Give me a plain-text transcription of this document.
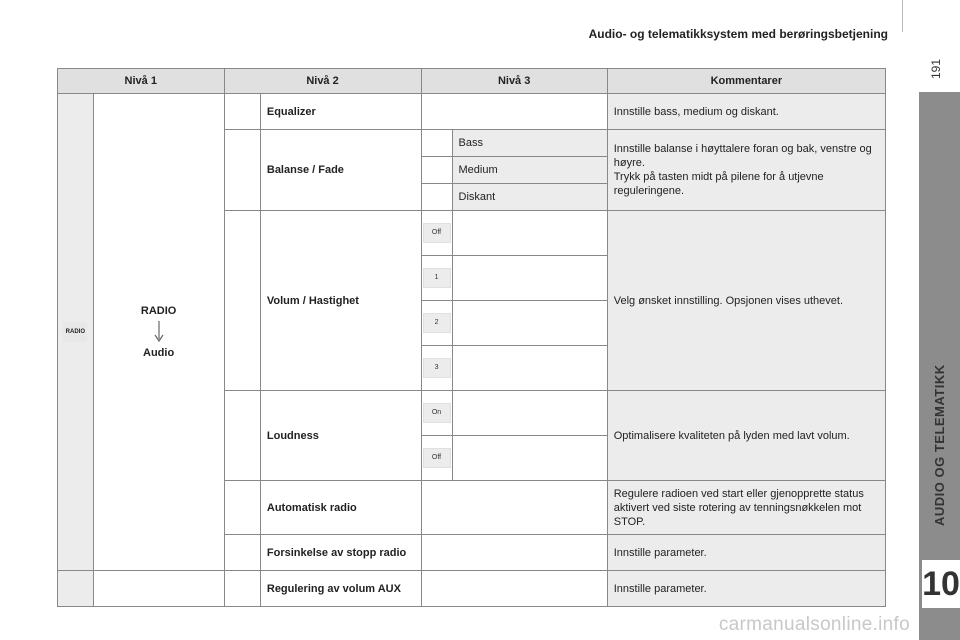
Audio- og telematikksystem med berøringsbetjening
191
AUDIO OG TELEMATIKK
10
Nivå 1		Nivå 2		Nivå 3		Kommentarer
RADIO	RADIO
Audio		Equalizer			Innstille bass, medium og diskant.
			Balanse / Fade		Bass	Innstille balanse i høyttalere foran og bak, venstre og høyre.
Trykk på tasten midt på pilene for å utjevne reguleringene.
					Medium	
					Diskant	
			Volum / Hastighet	Off		Velg ønsket innstilling. Opsjonen vises uthevet.
				1		
				2		
				3		
			Loudness	On		Optimalisere kvaliteten på lyden med lavt volum.
				Off		
			Automatisk radio			Regulere radioen ved start eller gjenopprette status aktivert ved siste rotering av tenningsnøkkelen mot STOP.
			Forsinkelse av stopp radio			Innstille parameter.
			Regulering av volum AUX			Innstille parameter.
carmanualsonline.info
